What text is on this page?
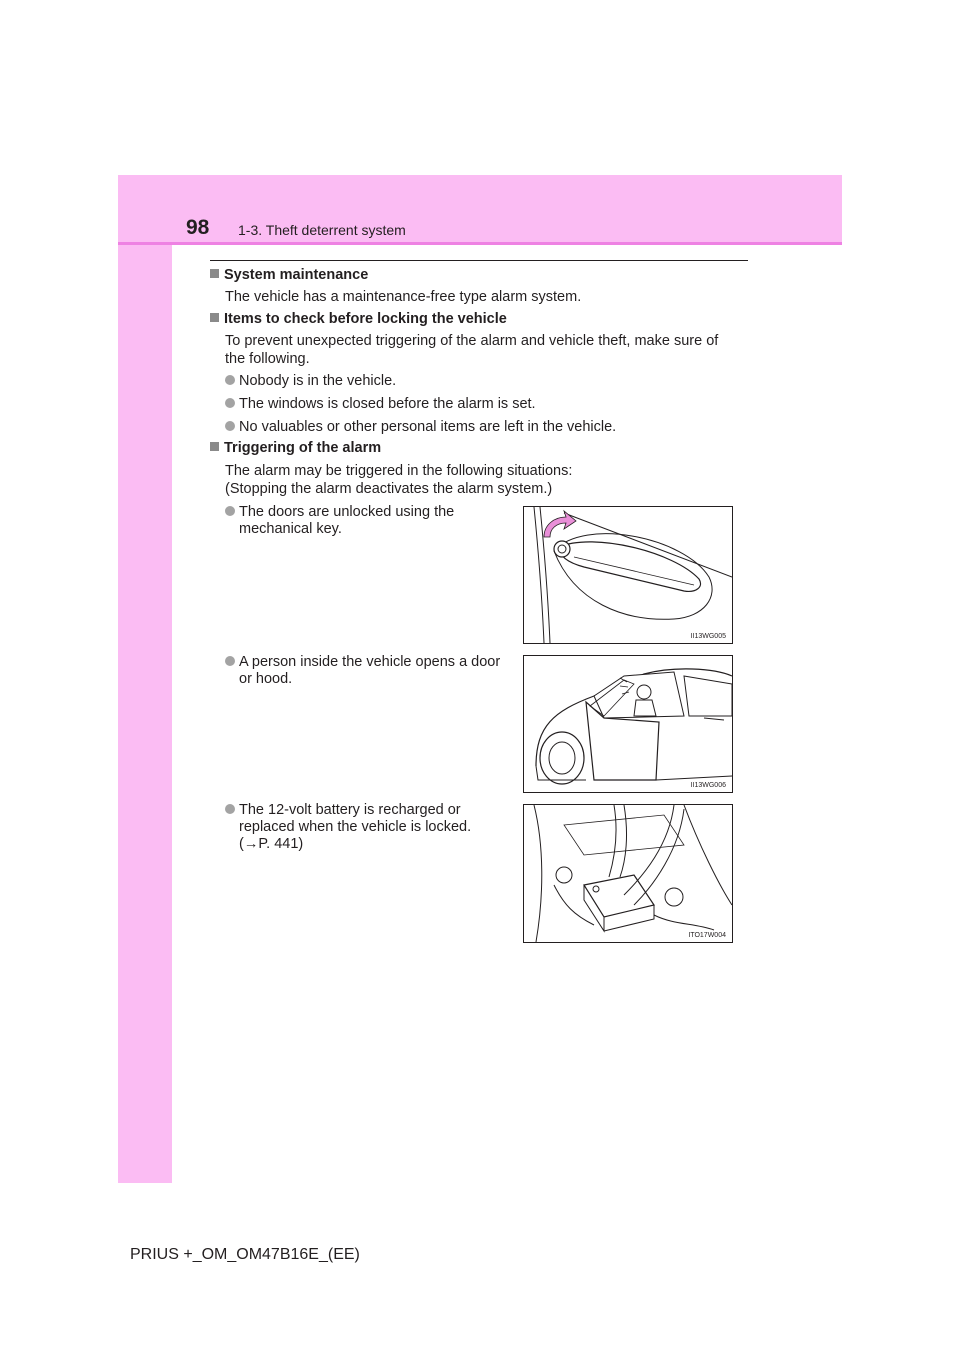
98 1-3. Theft deterrent system
System maintenance
The vehicle has a maintenance-free type alarm system.
Items to check before locking the vehicle
To prevent unexpected triggering of the alarm and vehicle theft, make sure of
the following.
Nobody is in the vehicle.
The windows is closed before the alarm is set.
No valuables or other personal items are left in the vehicle.
Triggering of the alarm
The alarm may be triggered in the following situations:
(Stopping the alarm deactivates the alarm system.)
The doors are unlocked using the
mechanical key.
II13WG005
A person inside the vehicle opens a door
or hood.
II13WG006
The 12-volt battery is recharged or
replaced when the vehicle is locked.
(→P. 441)
ITO17W004
PRIUS +_OM_OM47B16E_(EE)
